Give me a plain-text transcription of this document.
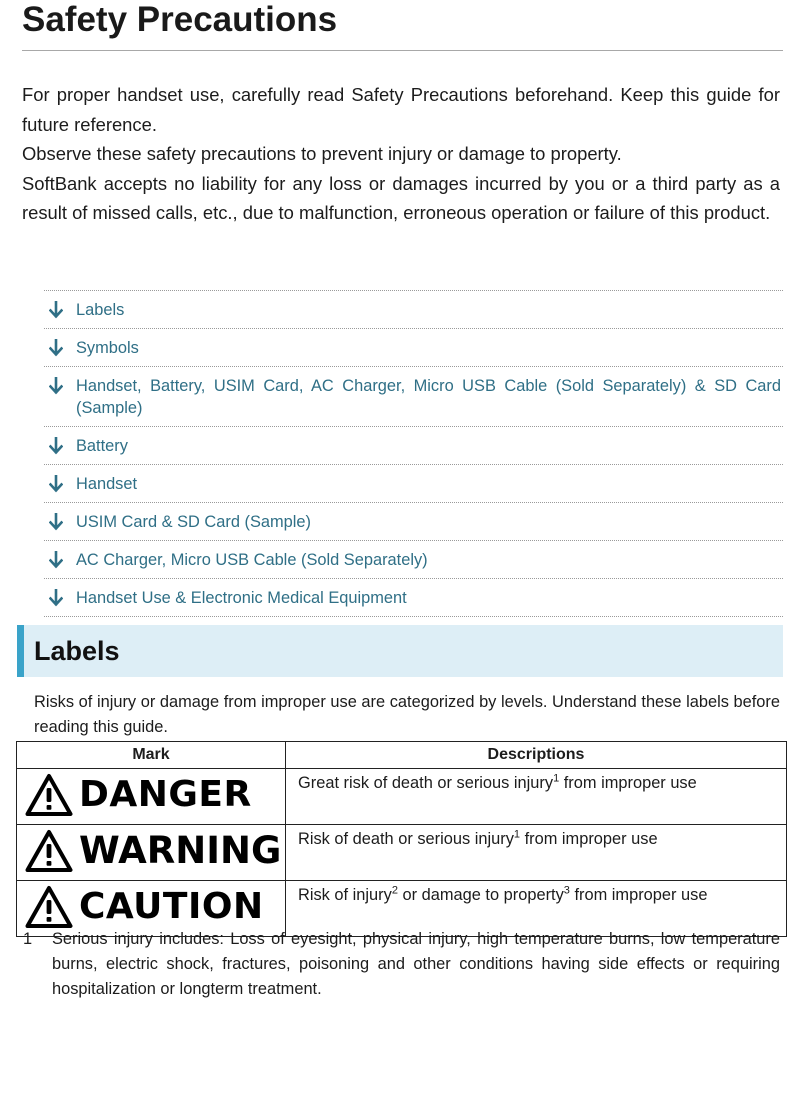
Safety Precautions

For proper handset use, carefully read Safety Precautions beforehand. Keep this guide for future reference.

Observe these safety precautions to prevent injury or damage to property.

SoftBank accepts no liability for any loss or damages incurred by you or a third party as a result of missed calls, etc., due to malfunction, erroneous operation or failure of this product.

Labels
Symbols
Handset, Battery, USIM Card, AC Charger, Micro USB Cable (Sold Separately) & SD Card (Sample)
Battery
Handset
USIM Card & SD Card (Sample)
AC Charger, Micro USB Cable (Sold Separately)
Handset Use & Electronic Medical Equipment
Labels
Risks of injury or damage from improper use are categorized by levels. Understand these labels before reading this guide.
Mark	Descriptions

DANGER	Great risk of death or serious injury$^1$ from improper use

WARNING	Risk of death or serious injury$^1$ from improper use

CAUTION	Risk of injury$^2$ or damage to property$^3$ from improper use
1 Serious injury includes: Loss of eyesight, physical injury, high temperature burns, low temperature burns, electric shock, fractures, poisoning and other conditions having side effects or requiring hospitalization or longterm treatment.
